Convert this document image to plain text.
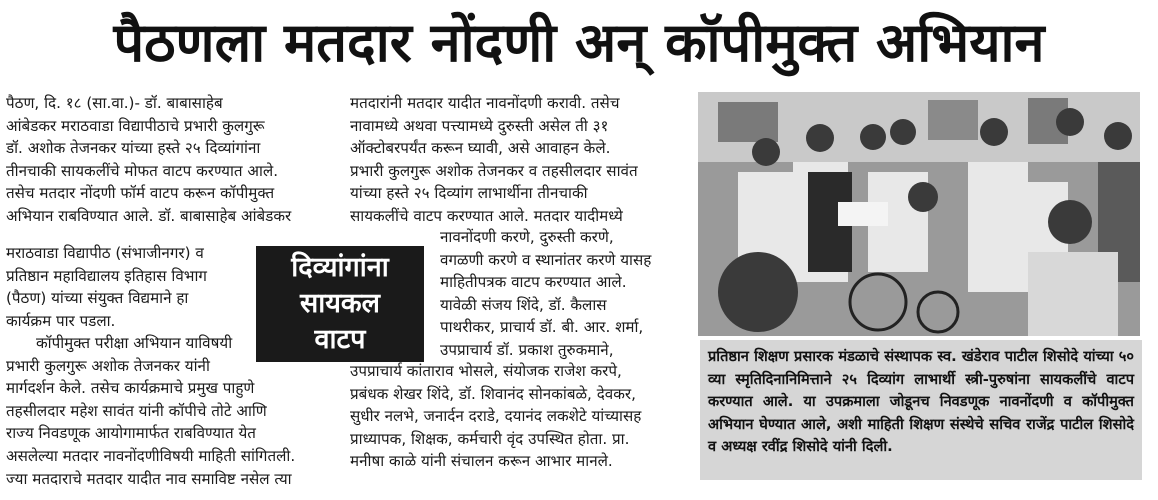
पैठणला मतदार नोंदणी अन् कॉपीमुक्त अभियान
पैठण, दि. १८ (सा.वा.)- डॉ. बाबासाहेब
आंबेडकर मराठवाडा विद्यापीठाचे प्रभारी कुलगुरू
डॉ. अशोक तेजनकर यांच्या हस्ते २५ दिव्यांगांना
तीनचाकी सायकलींचे मोफत वाटप करण्यात आले.
तसेच मतदार नोंदणी फॉर्म वाटप करून कॉपीमुक्त
अभियान राबविण्यात आले. डॉ. बाबासाहेब आंबेडकर
मराठवाडा विद्यापीठ (संभाजीनगर) व
प्रतिष्ठान महाविद्यालय इतिहास विभाग
(पैठण) यांच्या संयुक्त विद्यमाने हा
कार्यक्रम पार पडला.
कॉपीमुक्त परीक्षा अभियान याविषयी
प्रभारी कुलगुरू अशोक तेजनकर यांनी
मार्गदर्शन केले. तसेच कार्यक्रमाचे प्रमुख पाहुणे
तहसीलदार महेश सावंत यांनी कॉपीचे तोटे आणि
राज्य निवडणूक आयोगामार्फत राबविण्यात येत
असलेल्या मतदार नावनोंदणीविषयी माहिती सांगितली.
ज्या मतदाराचे मतदार यादीत नाव समाविष्ट नसेल त्या
दिव्यांगांना
सायकल
वाटप
मतदारांनी मतदार यादीत नावनोंदणी करावी. तसेच
नावामध्ये अथवा पत्त्यामध्ये दुरुस्ती असेल ती ३१
ऑक्टोबरपर्यंत करून घ्यावी, असे आवाहन केले.
प्रभारी कुलगुरू अशोक तेजनकर व तहसीलदार सावंत
यांच्या हस्ते २५ दिव्यांग लाभार्थीना तीनचाकी
सायकलींचे वाटप करण्यात आले. मतदार यादीमध्ये
नावनोंदणी करणे, दुरुस्ती करणे,
वगळणी करणे व स्थानांतर करणे यासह
माहितीपत्रक वाटप करण्यात आले.
यावेळी संजय शिंदे, डॉ. कैलास
पाथरीकर, प्राचार्य डॉ. बी. आर. शर्मा,
उपप्राचार्य डॉ. प्रकाश तुरुकमाने,
उपप्राचार्य कांताराव भोसले, संयोजक राजेश करपे,
प्रबंधक शेखर शिंदे, डॉ. शिवानंद सोनकांबळे, देवकर,
सुधीर नलभे, जनार्दन दराडे, दयानंद लकशेटे यांच्यासह
प्राध्यापक, शिक्षक, कर्मचारी वृंद उपस्थित होता. प्रा.
मनीषा काळे यांनी संचालन करून आभार मानले.
प्रतिष्ठान शिक्षण प्रसारक मंडळाचे संस्थापक स्व. खंडेराव पाटील शिसोदे यांच्या ५० व्या स्मृतिदिनानिमित्ताने २५ दिव्यांग लाभार्थी स्त्री-पुरुषांना सायकलींचे वाटप करण्यात आले. या उपक्रमाला जोडूनच निवडणूक नावनोंदणी व कॉपीमुक्त अभियान घेण्यात आले, अशी माहिती शिक्षण संस्थेचे सचिव राजेंद्र पाटील शिसोदे व अध्यक्ष रवींद्र शिसोदे यांनी दिली.
